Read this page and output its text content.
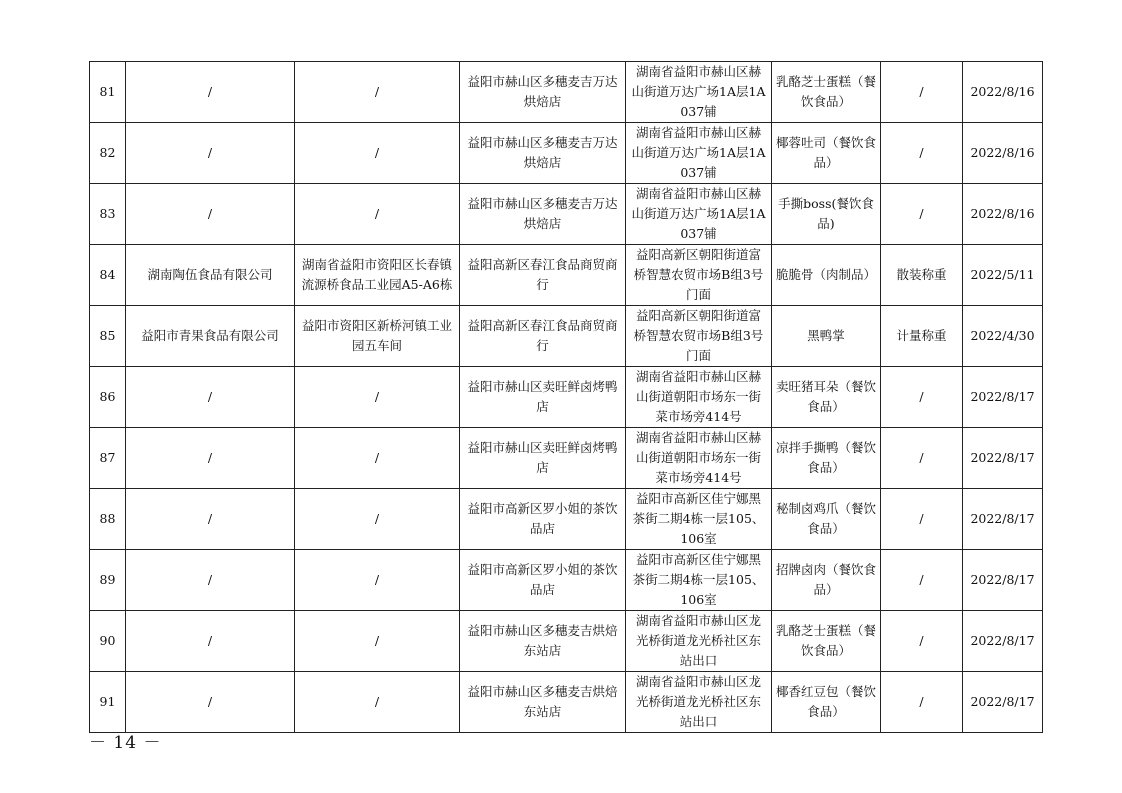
81	/	/	益阳市赫山区多穗麦吉万达烘焙店	湖南省益阳市赫山区赫山街道万达广场1A层1A037铺	乳酪芝士蛋糕（餐饮食品）	/	2022/8/16
82	/	/	益阳市赫山区多穗麦吉万达烘焙店	湖南省益阳市赫山区赫山街道万达广场1A层1A037铺	椰蓉吐司（餐饮食品）	/	2022/8/16
83	/	/	益阳市赫山区多穗麦吉万达烘焙店	湖南省益阳市赫山区赫山街道万达广场1A层1A037铺	手撕boss(餐饮食品)	/	2022/8/16
84	湖南陶伍食品有限公司	湖南省益阳市资阳区长春镇流源桥食品工业园A5-A6栋	益阳高新区春江食品商贸商行	益阳高新区朝阳街道富桥智慧农贸市场B组3号门面	脆脆骨（肉制品）	散装称重	2022/5/11
85	益阳市青果食品有限公司	益阳市资阳区新桥河镇工业园五车间	益阳高新区春江食品商贸商行	益阳高新区朝阳街道富桥智慧农贸市场B组3号门面	黑鸭掌	计量称重	2022/4/30
86	/	/	益阳市赫山区卖旺鲜卤烤鸭店	湖南省益阳市赫山区赫山街道朝阳市场东一街菜市场旁414号	卖旺猪耳朵（餐饮食品）	/	2022/8/17
87	/	/	益阳市赫山区卖旺鲜卤烤鸭店	湖南省益阳市赫山区赫山街道朝阳市场东一街菜市场旁414号	凉拌手撕鸭（餐饮食品）	/	2022/8/17
88	/	/	益阳市高新区罗小姐的茶饮品店	益阳市高新区佳宁娜黑茶街二期4栋一层105、106室	秘制卤鸡爪（餐饮食品）	/	2022/8/17
89	/	/	益阳市高新区罗小姐的茶饮品店	益阳市高新区佳宁娜黑茶街二期4栋一层105、106室	招牌卤肉（餐饮食品）	/	2022/8/17
90	/	/	益阳市赫山区多穗麦吉烘焙东站店	湖南省益阳市赫山区龙光桥街道龙光桥社区东站出口	乳酪芝士蛋糕（餐饮食品）	/	2022/8/17
91	/	/	益阳市赫山区多穗麦吉烘焙东站店	湖南省益阳市赫山区龙光桥街道龙光桥社区东站出口	椰香红豆包（餐饮食品）	/	2022/8/17
－ 14 －
